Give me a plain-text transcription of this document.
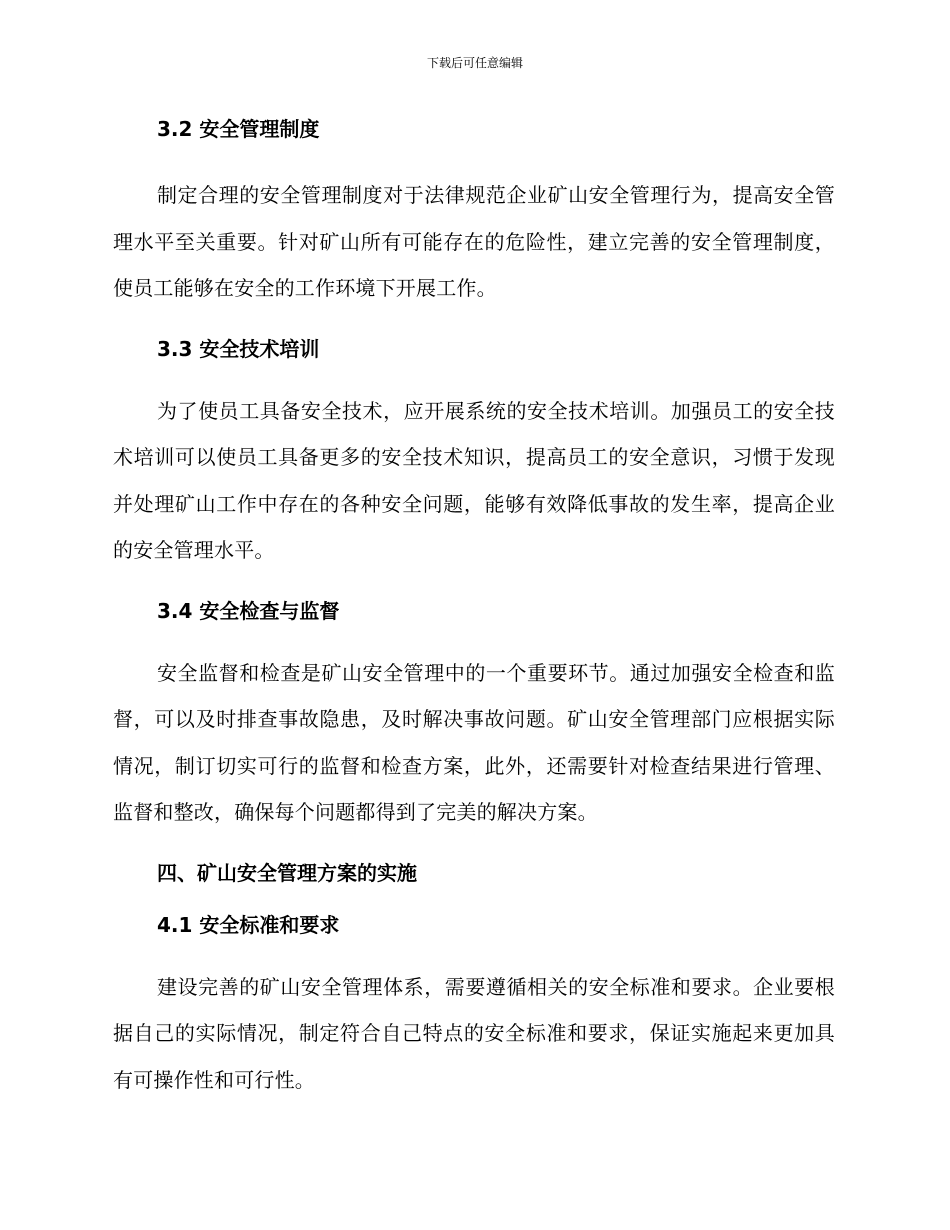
下载后可任意编辑
3.2 安全管理制度

制定合理的安全管理制度对于法律规范企业矿山安全管理行为，提高安全管理水平至关重要。针对矿山所有可能存在的危险性，建立完善的安全管理制度，使员工能够在安全的工作环境下开展工作。

3.3 安全技术培训

为了使员工具备安全技术，应开展系统的安全技术培训。加强员工的安全技术培训可以使员工具备更多的安全技术知识，提高员工的安全意识，习惯于发现并处理矿山工作中存在的各种安全问题，能够有效降低事故的发生率，提高企业的安全管理水平。

3.4 安全检查与监督

安全监督和检查是矿山安全管理中的一个重要环节。通过加强安全检查和监督，可以及时排查事故隐患，及时解决事故问题。矿山安全管理部门应根据实际情况，制订切实可行的监督和检查方案，此外，还需要针对检查结果进行管理、监督和整改，确保每个问题都得到了完美的解决方案。

四、矿山安全管理方案的实施
4.1 安全标准和要求

建设完善的矿山安全管理体系，需要遵循相关的安全标准和要求。企业要根据自己的实际情况，制定符合自己特点的安全标准和要求，保证实施起来更加具有可操作性和可行性。
